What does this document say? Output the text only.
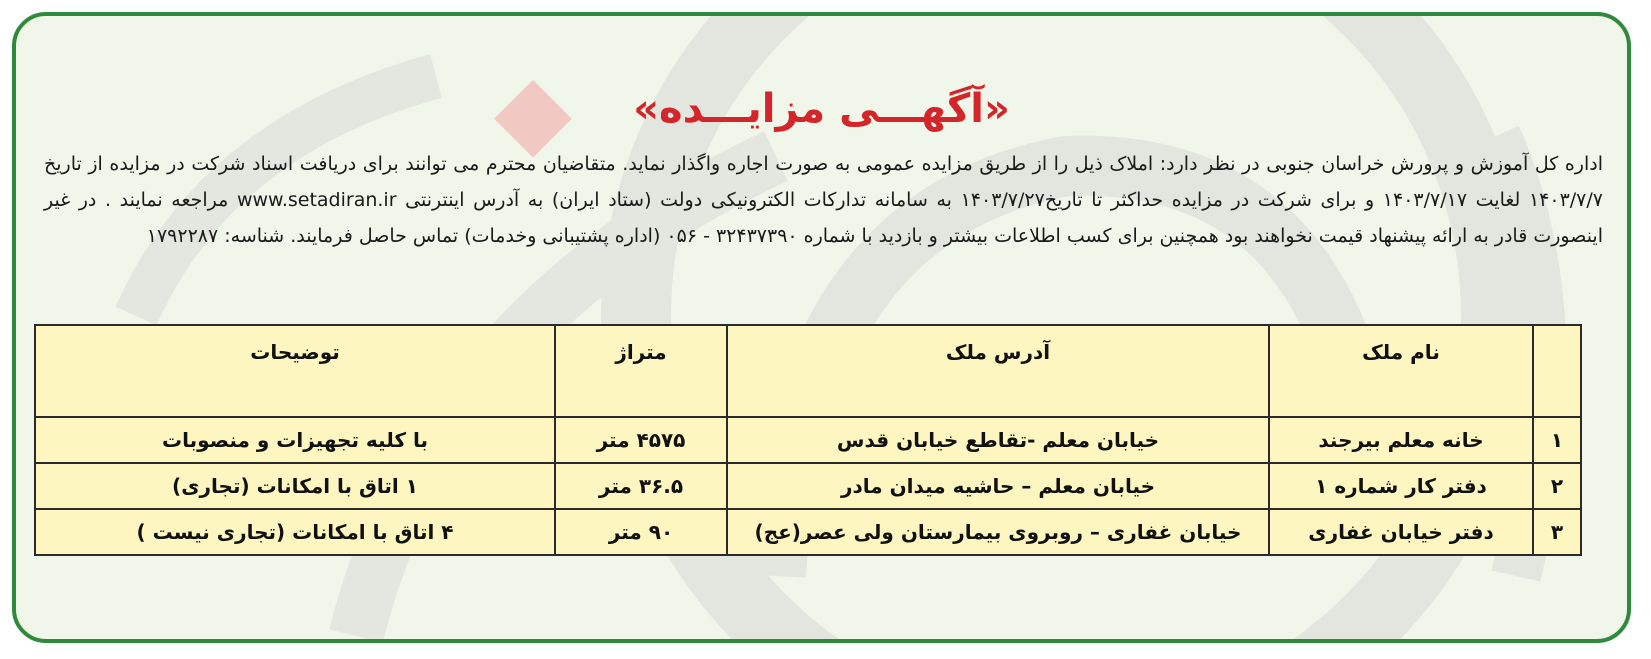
«آگهـــی مزایـــده»
اداره کل آموزش و پرورش خراسان جنوبی در نظر دارد: املاک ذیل را از طریق مزایده عمومی به صورت اجاره واگذار نماید. متقاضیان محترم می توانند برای دریافت اسناد شرکت در مزایده از تاریخ ۱۴۰۳/۷/۷ لغایت ۱۴۰۳/۷/۱۷ و برای شرکت در مزایده حداکثر تا تاریخ۱۴۰۳/۷/۲۷ به سامانه تدارکات الکترونیکی دولت (ستاد ایران) به آدرس اینترنتی www.setadiran.ir مراجعه نمایند . در غیر اینصورت قادر به ارائه پیشنهاد قیمت نخواهند بود همچنین برای کسب اطلاعات بیشتر و بازدید با شماره ۳۲۴۳۷۳۹۰ - ۰۵۶ (اداره پشتیبانی وخدمات) تماس حاصل فرمایند. شناسه: ۱۷۹۲۲۸۷
	نام ملک	آدرس ملک	متراژ	توضیحات
۱	خانه معلم بیرجند	خیابان معلم -تقاطع خیابان قدس	۴۵۷۵ متر	با کلیه تجهیزات و منصوبات
۲	دفتر کار شماره ۱	خیابان معلم – حاشیه میدان مادر	۳۶.۵ متر	۱ اتاق با امکانات (تجاری)
۳	دفتر خیابان غفاری	خیابان غفاری – روبروی بیمارستان ولی عصر(عج)	۹۰ متر	۴ اتاق با امکانات (تجاری نیست )
